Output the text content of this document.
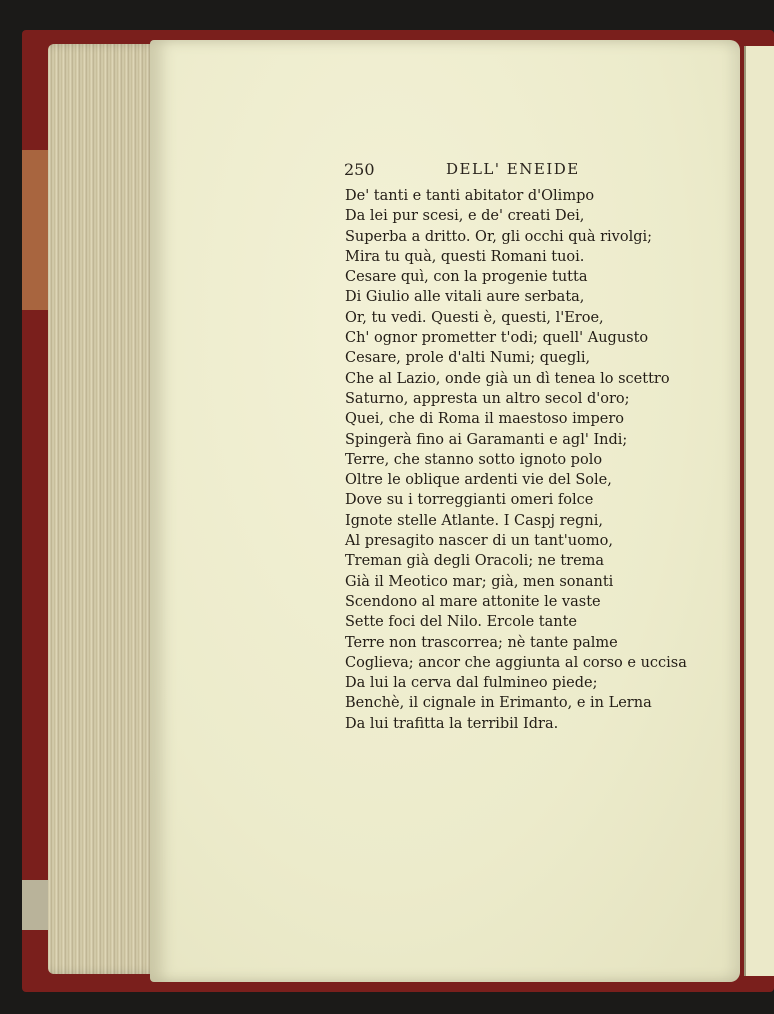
250	DELL' ENEIDE
De' tanti e tanti abitator d'Olimpo
Da lei pur scesi, e de' creati Dei,
Superba a dritto. Or, gli occhi quà rivolgi;
Mira tu quà, questi Romani tuoi.
Cesare quì, con la progenie tutta
Di Giulio alle vitali aure serbata,
Or, tu vedi. Questi è, questi, l'Eroe,
Ch' ognor prometter t'odi; quell' Augusto
Cesare, prole d'alti Numi; quegli,
Che al Lazio, onde già un dì tenea lo scettro
Saturno, appresta un altro secol d'oro;
Quei, che di Roma il maestoso impero
Spingerà fino ai Garamanti e agl' Indi;
Terre, che stanno sotto ignoto polo
Oltre le oblique ardenti vie del Sole,
Dove su i torreggianti omeri folce
Ignote stelle Atlante. I Caspj regni,
Al presagito nascer di un tant'uomo,
Treman già degli Oracoli; ne trema
Già il Meotico mar; già, men sonanti
Scendono al mare attonite le vaste
Sette foci del Nilo. Ercole tante
Terre non trascorrea; nè tante palme
Coglieva; ancor che aggiunta al corso e uccisa
Da lui la cerva dal fulmineo piede;
Benchè, il cignale in Erimanto, e in Lerna
Da lui trafitta la terribil Idra.
